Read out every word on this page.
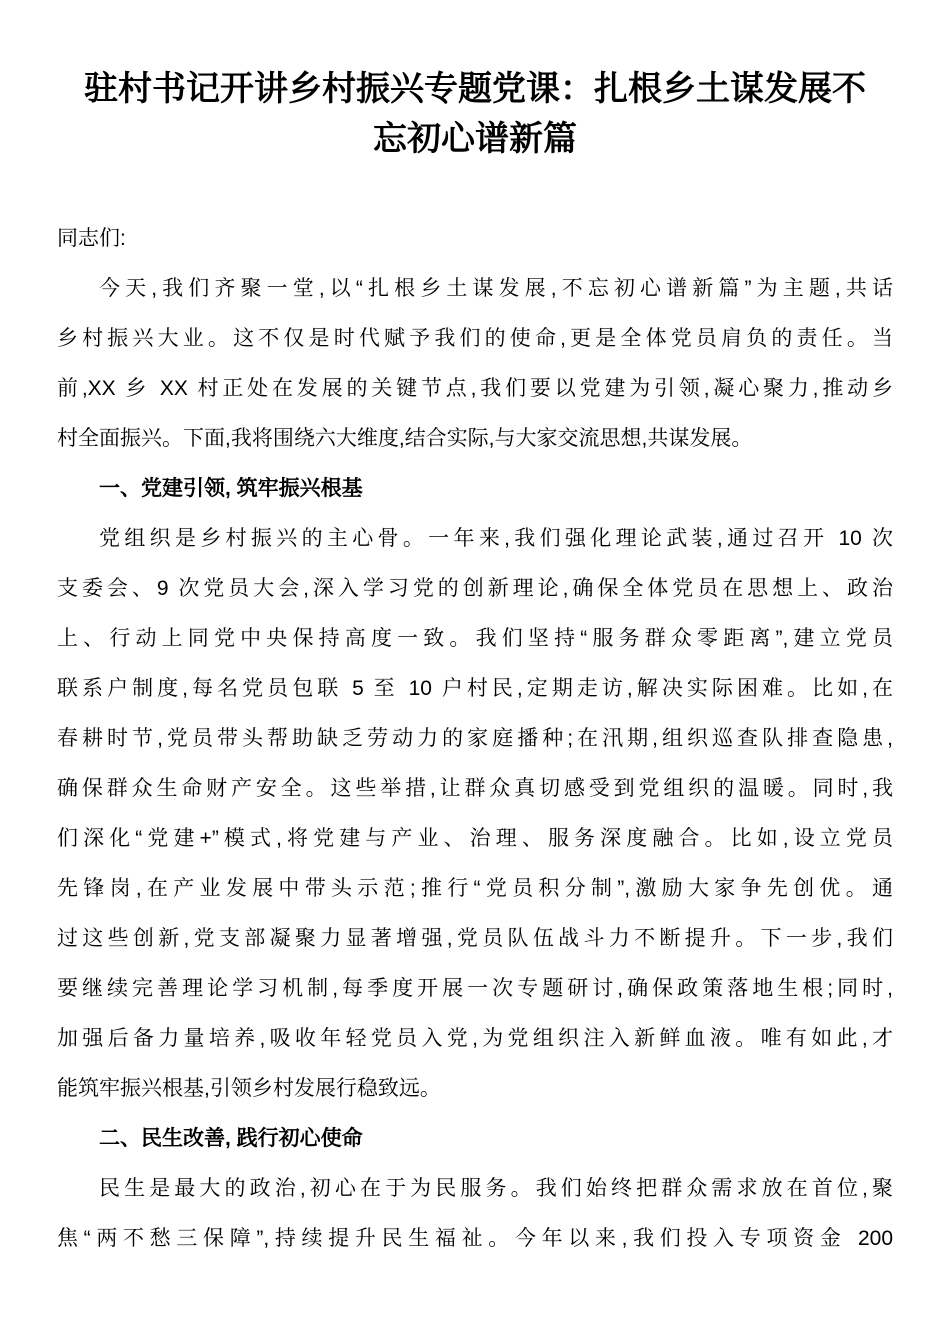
驻村书记开讲乡村振兴专题党课：扎根乡土谋发展不
忘初心谱新篇
同志们:
今天,我们齐聚一堂,以“扎根乡土谋发展,不忘初心谱新篇”为主题,共话
乡村振兴大业。这不仅是时代赋予我们的使命,更是全体党员肩负的责任。当
前,XX 乡 XX 村正处在发展的关键节点,我们要以党建为引领,凝心聚力,推动乡
村全面振兴。下面,我将围绕六大维度,结合实际,与大家交流思想,共谋发展。
一、党建引领, 筑牢振兴根基
党组织是乡村振兴的主心骨。一年来,我们强化理论武装,通过召开 10 次
支委会、9 次党员大会,深入学习党的创新理论,确保全体党员在思想上、政治
上、行动上同党中央保持高度一致。我们坚持“服务群众零距离”,建立党员
联系户制度,每名党员包联 5 至 10 户村民,定期走访,解决实际困难。比如,在
春耕时节,党员带头帮助缺乏劳动力的家庭播种;在汛期,组织巡查队排查隐患,
确保群众生命财产安全。这些举措,让群众真切感受到党组织的温暖。同时,我
们深化“党建+”模式,将党建与产业、治理、服务深度融合。比如,设立党员
先锋岗,在产业发展中带头示范;推行“党员积分制”,激励大家争先创优。通
过这些创新,党支部凝聚力显著增强,党员队伍战斗力不断提升。下一步,我们
要继续完善理论学习机制,每季度开展一次专题研讨,确保政策落地生根;同时,
加强后备力量培养,吸收年轻党员入党,为党组织注入新鲜血液。唯有如此,才
能筑牢振兴根基,引领乡村发展行稳致远。
二、民生改善, 践行初心使命
民生是最大的政治,初心在于为民服务。我们始终把群众需求放在首位,聚
焦“两不愁三保障”,持续提升民生福祉。今年以来,我们投入专项资金 200
